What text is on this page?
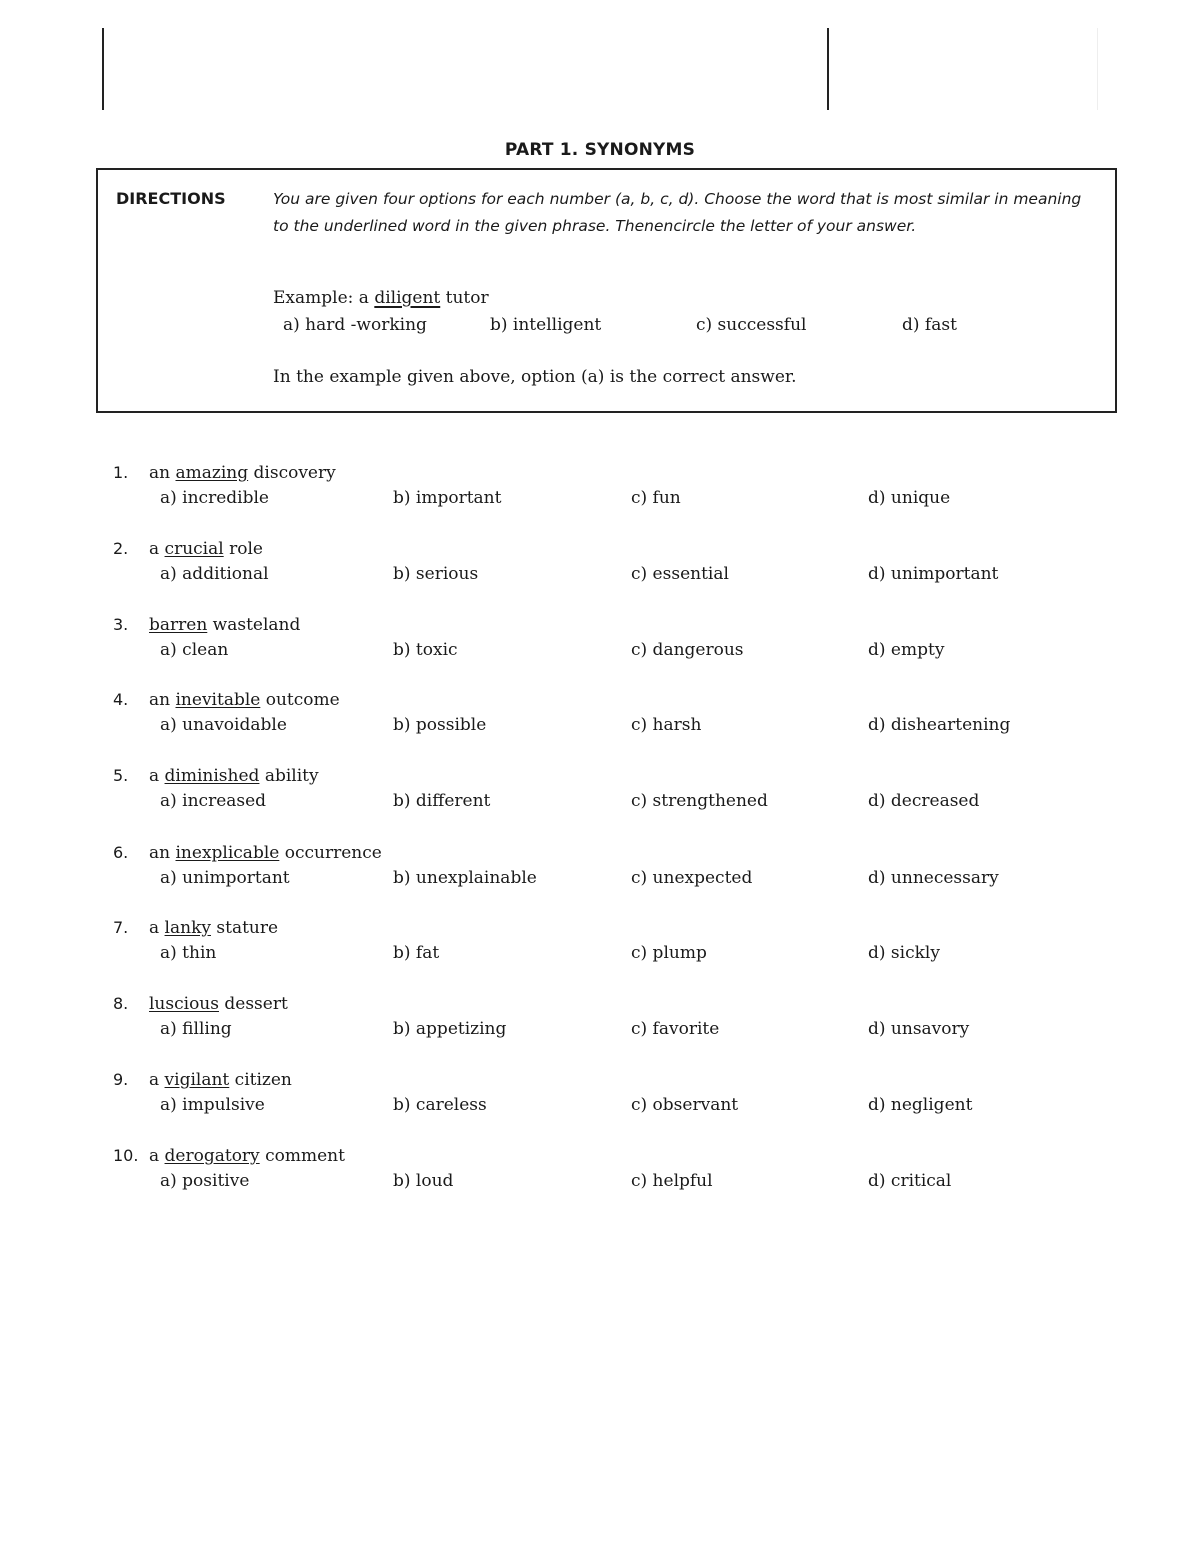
PART 1. SYNONYMS
DIRECTIONS	You are given four options for each number (a, b, c, d). Choose the word that is most similar in meaning to the underlined word in the given phrase. Thenencircle the letter of your answer.
Example: a diligent tutor
a) hard -working	b) intelligent	c) successful	d) fast
In the example given above, option (a) is the correct answer.
1. an amazing discovery
a) incredible	b) important	c) fun	d) unique
2. a crucial role
a) additional	b) serious	c) essential	d) unimportant
3. barren wasteland
a) clean	b) toxic	c) dangerous	d) empty
4. an inevitable outcome
a) unavoidable	b) possible	c) harsh	d) disheartening
5. a diminished ability
a) increased	b) different	c) strengthened	d) decreased
6. an inexplicable occurrence
a) unimportant	b) unexplainable	c) unexpected	d) unnecessary
7. a lanky stature
a) thin	b) fat	c) plump	d) sickly
8. luscious dessert
a) filling	b) appetizing	c) favorite	d) unsavory
9. a vigilant citizen
a) impulsive	b) careless	c) observant	d) negligent
10. a derogatory comment
a) positive	b) loud	c) helpful	d) critical
